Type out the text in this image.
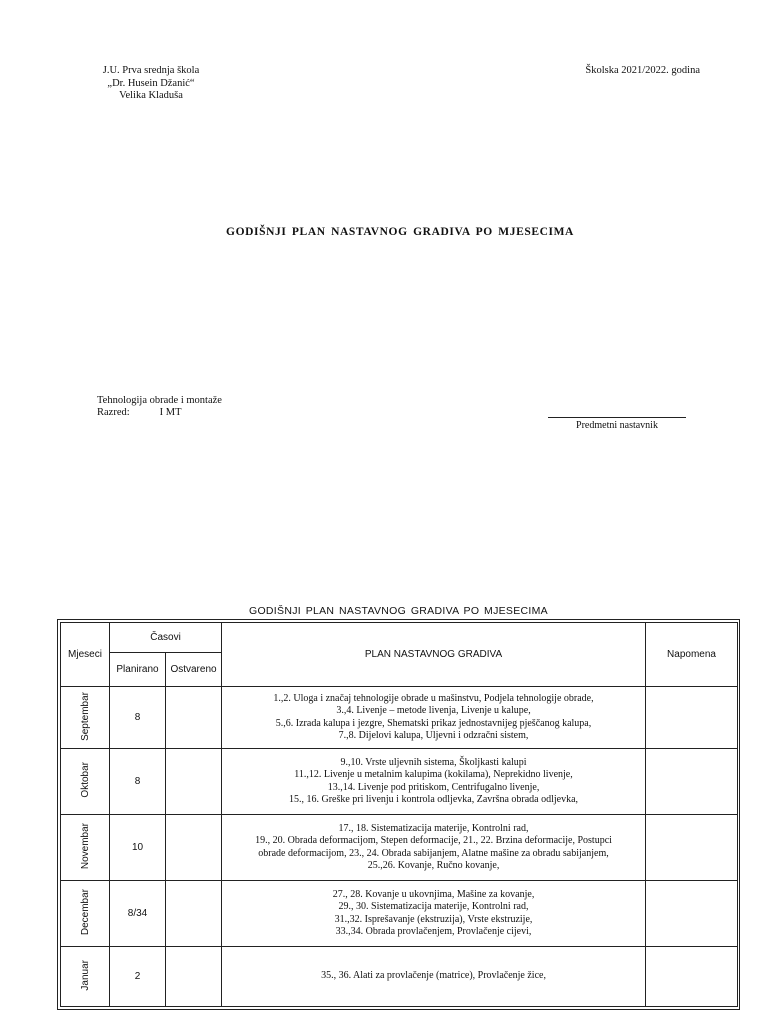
J.U. Prva srednja škola
„Dr. Husein Džanić“
Velika Kladuša
Školska 2021/2022. godina
GODIŠNJI PLAN NASTAVNOG GRADIVA PO MJESECIMA
Tehnologija obrade i montaže
Razred:	I MT
Predmetni nastavnik
GODIŠNJI PLAN NASTAVNOG GRADIVA PO MJESECIMA
Mjeseci	Časovi		PLAN NASTAVNOG GRADIVA	Napomena
	Planirano	Ostvareno		
Septembar	8		1.,2. Uloga i značaj tehnologije obrade u mašinstvu, Podjela tehnologije obrade,
3.,4. Livenje – metode livenja, Livenje u kalupe,
5.,6. Izrada kalupa i jezgre, Shematski prikaz jednostavnijeg pješčanog kalupa,
7.,8. Dijelovi kalupa, Uljevni i odzračni sistem,	

Oktobar	8		9.,10. Vrste uljevnih sistema, Školjkasti kalupi
11.,12. Livenje u metalnim kalupima (kokilama), Neprekidno livenje,
13.,14. Livenje pod pritiskom, Centrifugalno livenje,
15., 16. Greške pri livenju i kontrola odljevka, Završna obrada odljevka,	

Novembar	10		17., 18. Sistematizacija materije, Kontrolni rad,
19., 20. Obrada deformacijom, Stepen deformacije, 21., 22. Brzina deformacije, Postupci
obrade deformacijom, 23., 24. Obrada sabijanjem, Alatne mašine za obradu sabijanjem,
25.,26. Kovanje, Ručno kovanje,	

Decembar	8/34		27., 28. Kovanje u ukovnjima, Mašine za kovanje,
29., 30. Sistematizacija materije, Kontrolni rad,
31.,32. Isprešavanje (ekstruzija), Vrste ekstruzije,
33.,34. Obrada provlačenjem, Provlačenje cijevi,	

Januar	2		35., 36. Alati za provlačenje (matrice), Provlačenje žice,	
